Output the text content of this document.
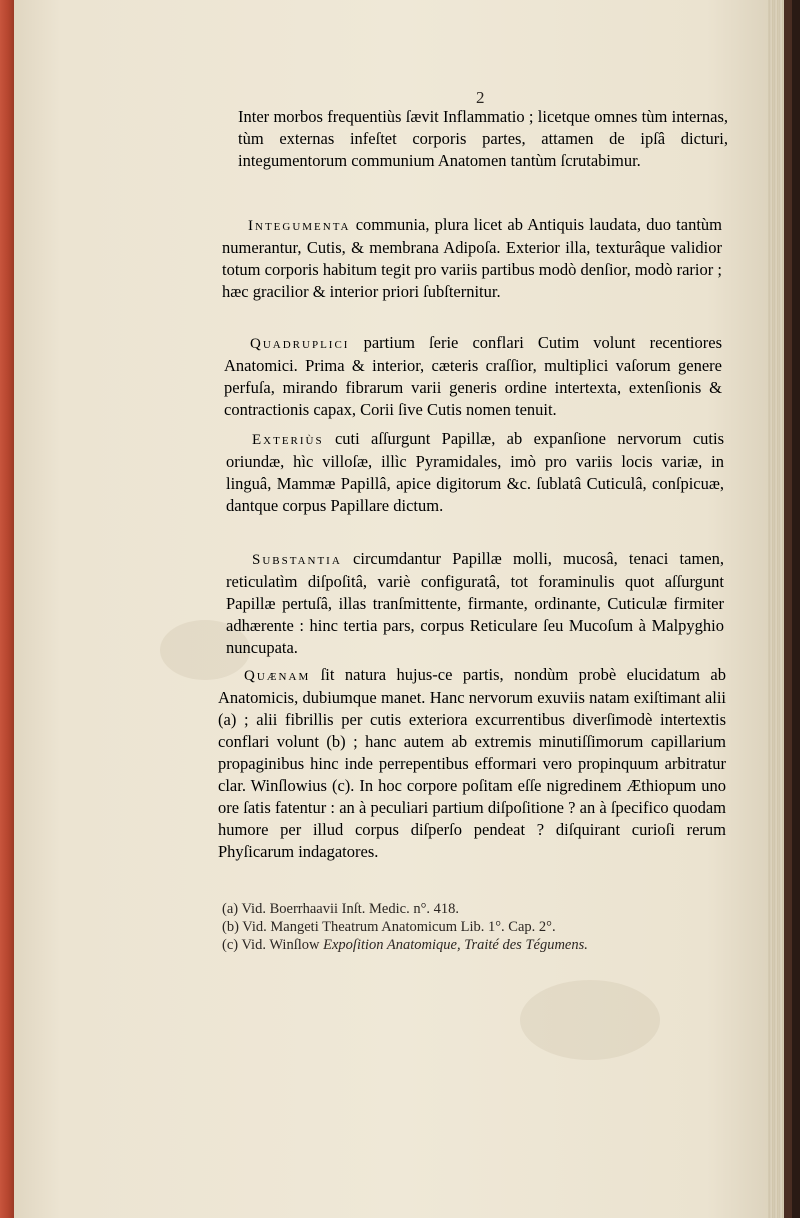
2

Inter morbos frequentiùs ſævit Inflammatio ; licetque omnes tùm internas, tùm externas infeſtet corporis partes, attamen de ipſâ dicturi, integumentorum communium Anatomen tantùm ſcrutabimur.

Integumenta communia, plura licet ab Antiquis laudata, duo tantùm numerantur, Cutis, & membrana Adipoſa. Exterior illa, texturâque validior totum corporis habitum tegit pro variis partibus modò denſior, modò rarior ; hæc gracilior & interior priori ſubſternitur.

Quadruplici partium ſerie conflari Cutim volunt recentiores Anatomici. Prima & interior, cæteris craſſior, multiplici vaſorum genere perfuſa, mirando fibrarum varii generis ordine intertexta, extenſionis & contractionis capax, Corii ſive Cutis nomen tenuit.

Exteriùs cuti aſſurgunt Papillæ, ab expanſione nervorum cutis oriundæ, hìc villoſæ, illìc Pyramidales, imò pro variis locis variæ, in linguâ, Mammæ Papillâ, apice digitorum &c. ſublatâ Cuticulâ, conſpicuæ, dantque corpus Papillare dictum.

Substantia circumdantur Papillæ molli, mucosâ, tenaci tamen, reticulatìm diſpoſitâ, variè configuratâ, tot foraminulis quot aſſurgunt Papillæ pertuſâ, illas tranſmittente, firmante, ordinante, Cuticulæ firmiter adhærente : hinc tertia pars, corpus Reticulare ſeu Mucoſum à Malpyghio nuncupata.

Quænam ſit natura hujus-ce partis, nondùm probè elucidatum ab Anatomicis, dubiumque manet. Hanc nervorum exuviis natam exiſtimant alii (a) ; alii fibrillis per cutis exteriora excurrentibus diverſimodè intertextis conflari volunt (b) ; hanc autem ab extremis minutiſſimorum capillarium propaginibus hinc inde perrepentibus efformari vero propinquum arbitratur clar. Winſlowius (c). In hoc corpore poſitam eſſe nigredinem Æthiopum uno ore ſatis fatentur : an à peculiari partium diſpoſitione ? an à ſpecifico quodam humore per illud corpus diſperſo pendeat ? diſquirant curioſi rerum Phyſicarum indagatores.

(a) Vid. Boerrhaavii Inſt. Medic. n°. 418.

(b) Vid. Mangeti Theatrum Anatomicum Lib. 1°. Cap. 2°.

(c) Vid. Winſlow Expoſition Anatomique, Traité des Tégumens.
